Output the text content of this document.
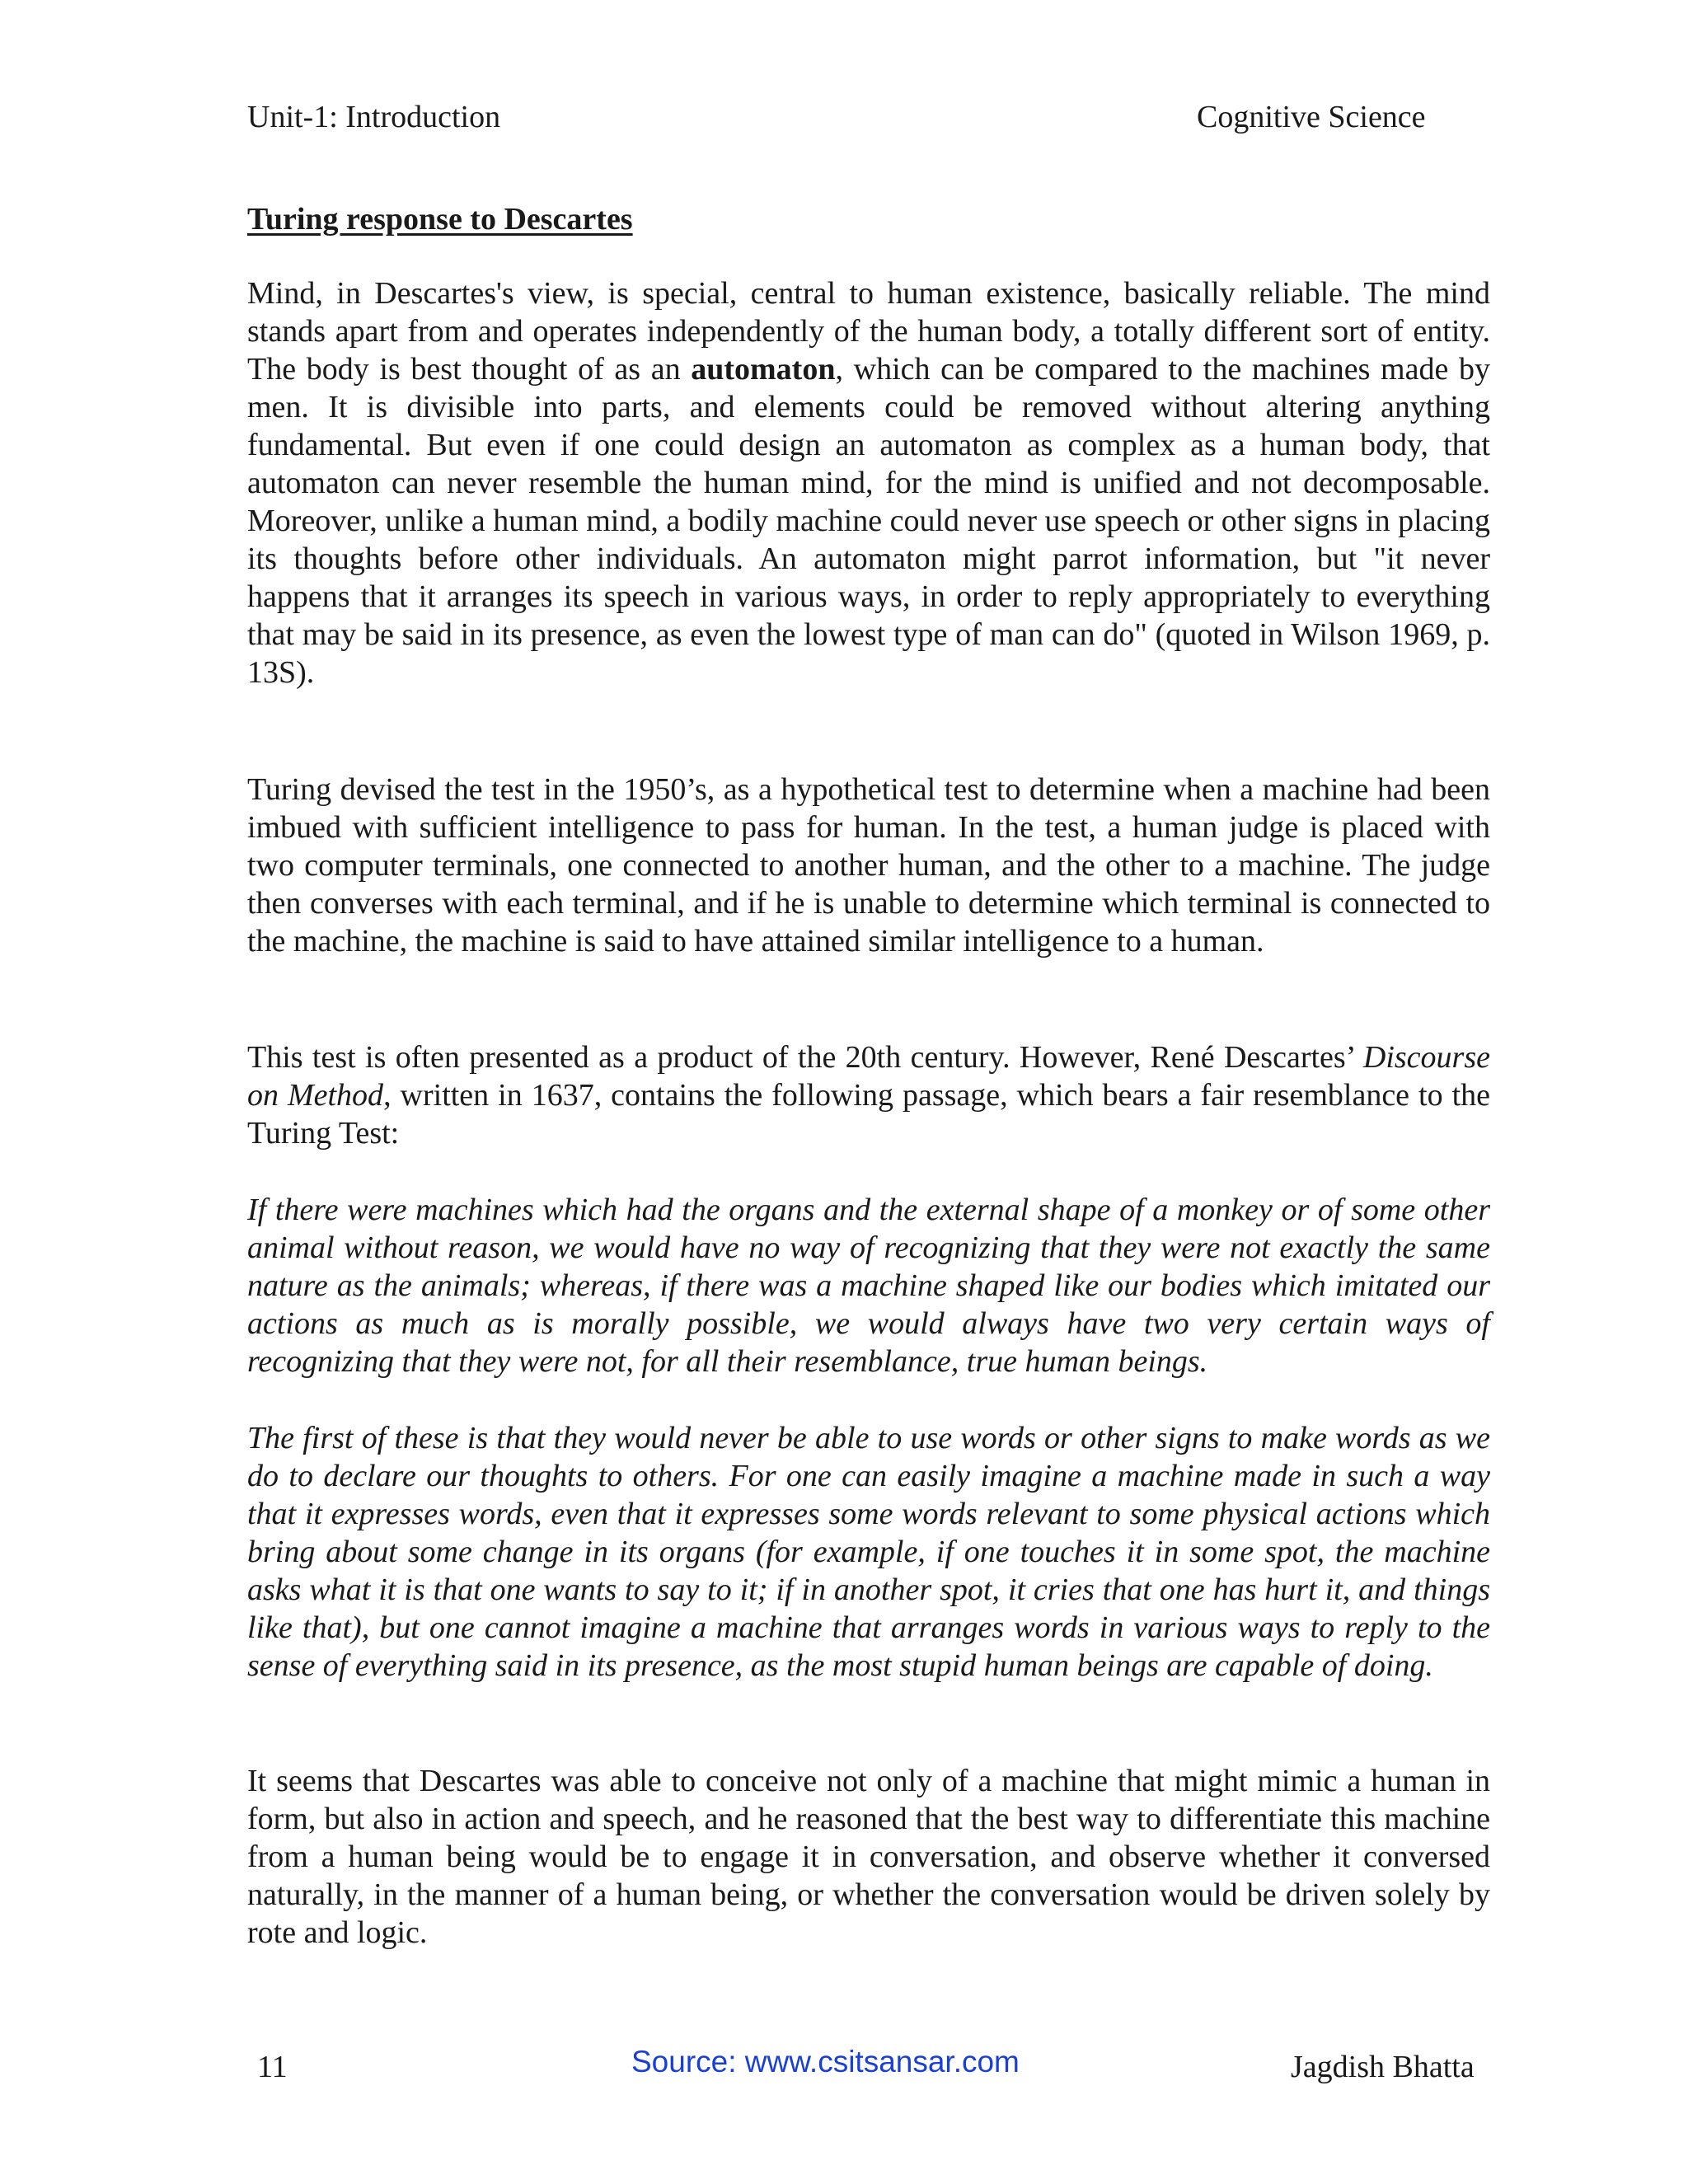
Unit-1: Introduction	Cognitive Science
Turing response to Descartes

Mind, in Descartes's view, is special, central to human existence, basically reliable. The mind stands apart from and operates independently of the human body, a totally different sort of entity. The body is best thought of as an automaton, which can be compared to the machines made by men. It is divisible into parts, and elements could be removed without altering anything fundamental. But even if one could design an automaton as complex as a human body, that automaton can never resemble the human mind, for the mind is unified and not decomposable. Moreover, unlike a human mind, a bodily machine could never use speech or other signs in placing its thoughts before other individuals. An automaton might parrot information, but "it never happens that it arranges its speech in various ways, in order to reply appropriately to everything that may be said in its presence, as even the lowest type of man can do" (quoted in Wilson 1969, p. 13S).

Turing devised the test in the 1950’s, as a hypothetical test to determine when a machine had been imbued with sufficient intelligence to pass for human. In the test, a human judge is placed with two computer terminals, one connected to another human, and the other to a machine. The judge then converses with each terminal, and if he is unable to determine which terminal is connected to the machine, the machine is said to have attained similar intelligence to a human.

This test is often presented as a product of the 20th century. However, René Descartes’ Discourse on Method, written in 1637, contains the following passage, which bears a fair resemblance to the Turing Test:

If there were machines which had the organs and the external shape of a monkey or of some other animal without reason, we would have no way of recognizing that they were not exactly the same nature as the animals; whereas, if there was a machine shaped like our bodies which imitated our actions as much as is morally possible, we would always have two very certain ways of recognizing that they were not, for all their resemblance, true human beings.

The first of these is that they would never be able to use words or other signs to make words as we do to declare our thoughts to others. For one can easily imagine a machine made in such a way that it expresses words, even that it expresses some words relevant to some physical actions which bring about some change in its organs (for example, if one touches it in some spot, the machine asks what it is that one wants to say to it; if in another spot, it cries that one has hurt it, and things like that), but one cannot imagine a machine that arranges words in various ways to reply to the sense of everything said in its presence, as the most stupid human beings are capable of doing.

It seems that Descartes was able to conceive not only of a machine that might mimic a human in form, but also in action and speech, and he reasoned that the best way to differentiate this machine from a human being would be to engage it in conversation, and observe whether it conversed naturally, in the manner of a human being, or whether the conversation would be driven solely by rote and logic.

11	Source: www.csitsansar.com	Jagdish Bhatta
